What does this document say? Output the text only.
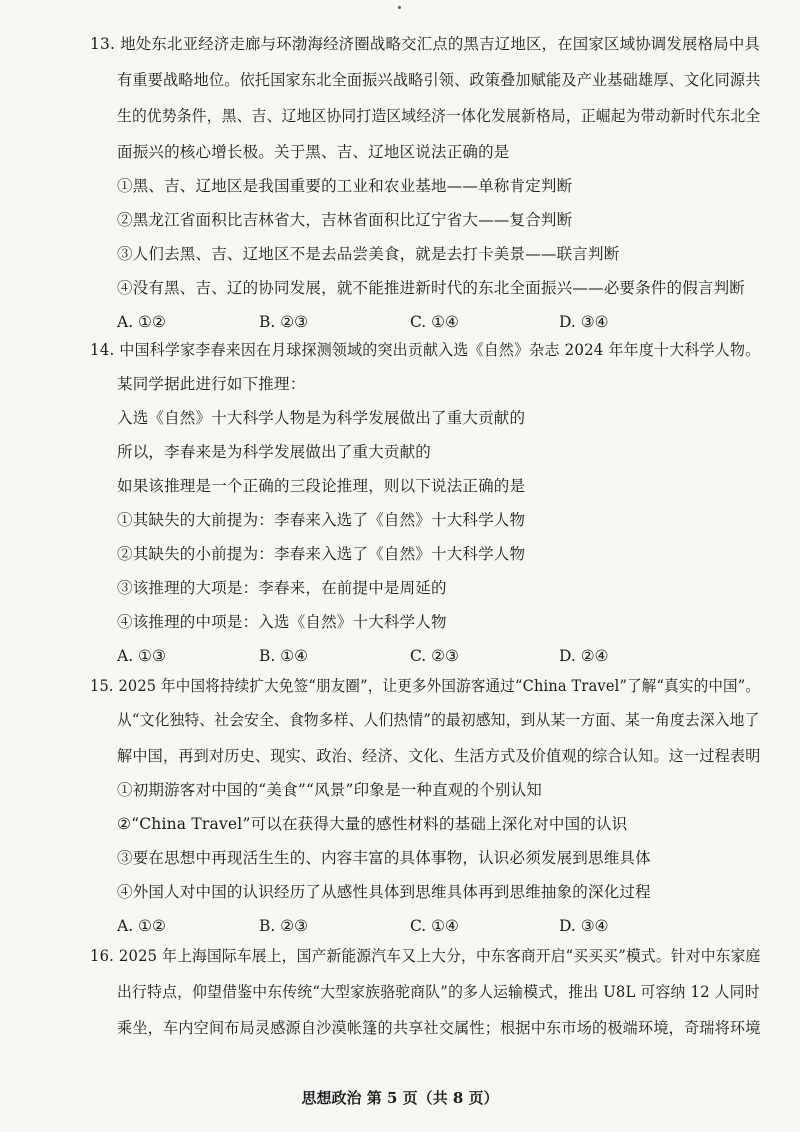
13. 地处东北亚经济走廊与环渤海经济圈战略交汇点的黑吉辽地区，在国家区域协调发展格局中具
有重要战略地位。依托国家东北全面振兴战略引领、政策叠加赋能及产业基础雄厚、文化同源共
生的优势条件，黑、吉、辽地区协同打造区域经济一体化发展新格局，正崛起为带动新时代东北全
面振兴的核心增长极。关于黑、吉、辽地区说法正确的是
①黑、吉、辽地区是我国重要的工业和农业基地——单称肯定判断
②黑龙江省面积比吉林省大，吉林省面积比辽宁省大——复合判断
③人们去黑、吉、辽地区不是去品尝美食，就是去打卡美景——联言判断
④没有黑、吉、辽的协同发展，就不能推进新时代的东北全面振兴——必要条件的假言判断
A. ①②	B. ②③	C. ①④	D. ③④
14. 中国科学家李春来因在月球探测领域的突出贡献入选《自然》杂志 2024 年年度十大科学人物。
某同学据此进行如下推理：
入选《自然》十大科学人物是为科学发展做出了重大贡献的
所以，李春来是为科学发展做出了重大贡献的
如果该推理是一个正确的三段论推理，则以下说法正确的是
①其缺失的大前提为：李春来入选了《自然》十大科学人物
②其缺失的小前提为：李春来入选了《自然》十大科学人物
③该推理的大项是：李春来，在前提中是周延的
④该推理的中项是：入选《自然》十大科学人物
A. ①③	B. ①④	C. ②③	D. ②④
15. 2025 年中国将持续扩大免签“朋友圈”，让更多外国游客通过“China Travel”了解“真实的中国”。
从“文化独特、社会安全、食物多样、人们热情”的最初感知，到从某一方面、某一角度去深入地了
解中国，再到对历史、现实、政治、经济、文化、生活方式及价值观的综合认知。这一过程表明
①初期游客对中国的“美食”“风景”印象是一种直观的个别认知
②“China Travel”可以在获得大量的感性材料的基础上深化对中国的认识
③要在思想中再现活生生的、内容丰富的具体事物，认识必须发展到思维具体
④外国人对中国的认识经历了从感性具体到思维具体再到思维抽象的深化过程
A. ①②	B. ②③	C. ①④	D. ③④
16. 2025 年上海国际车展上，国产新能源汽车又上大分，中东客商开启“买买买”模式。针对中东家庭
出行特点，仰望借鉴中东传统“大型家族骆驼商队”的多人运输模式，推出 U8L 可容纳 12 人同时
乘坐，车内空间布局灵感源自沙漠帐篷的共享社交属性；根据中东市场的极端环境，奇瑞将环境
思想政治 第 5 页（共 8 页）
